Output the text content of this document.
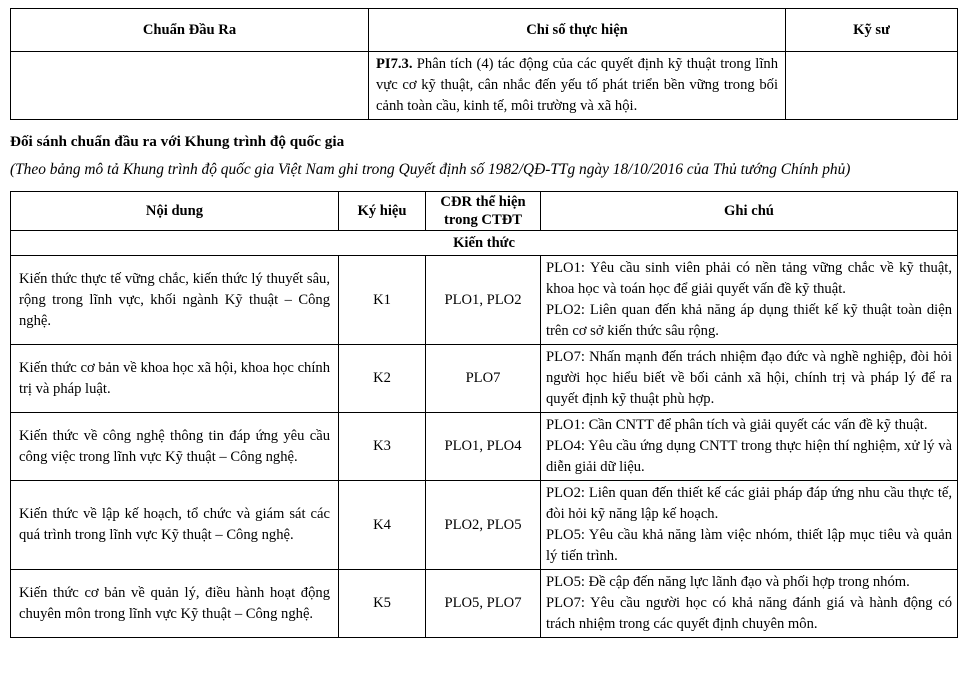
Chuẩn Đầu Ra	Chỉ số thực hiện	Kỹ sư
	PI7.3. Phân tích (4) tác động của các quyết định kỹ thuật trong lĩnh vực cơ kỹ thuật, cân nhắc đến yếu tố phát triển bền vững trong bối cảnh toàn cầu, kinh tế, môi trường và xã hội.	

Đối sánh chuẩn đầu ra với Khung trình độ quốc gia

(Theo bảng mô tả Khung trình độ quốc gia Việt Nam ghi trong Quyết định số 1982/QĐ-TTg ngày 18/10/2016 của Thủ tướng Chính phủ)

Nội dung	Ký hiệu	CĐR thể hiện trong CTĐT	Ghi chú
Kiến thức			
Kiến thức thực tế vững chắc, kiến thức lý thuyết sâu, rộng trong lĩnh vực, khối ngành Kỹ thuật – Công nghệ.	K1	PLO1, PLO2	PLO1: Yêu cầu sinh viên phải có nền tảng vững chắc về kỹ thuật, khoa học và toán học để giải quyết vấn đề kỹ thuật.
PLO2: Liên quan đến khả năng áp dụng thiết kế kỹ thuật toàn diện trên cơ sở kiến thức sâu rộng.

Kiến thức cơ bản về khoa học xã hội, khoa học chính trị và pháp luật.	K2	PLO7	PLO7: Nhấn mạnh đến trách nhiệm đạo đức và nghề nghiệp, đòi hỏi người học hiểu biết về bối cảnh xã hội, chính trị và pháp lý để ra quyết định kỹ thuật phù hợp.

Kiến thức về công nghệ thông tin đáp ứng yêu cầu công việc trong lĩnh vực Kỹ thuật – Công nghệ.	K3	PLO1, PLO4	PLO1: Cần CNTT để phân tích và giải quyết các vấn đề kỹ thuật.
PLO4: Yêu cầu ứng dụng CNTT trong thực hiện thí nghiệm, xử lý và diễn giải dữ liệu.

Kiến thức về lập kế hoạch, tổ chức và giám sát các quá trình trong lĩnh vực Kỹ thuật – Công nghệ.	K4	PLO2, PLO5	PLO2: Liên quan đến thiết kế các giải pháp đáp ứng nhu cầu thực tế, đòi hỏi kỹ năng lập kế hoạch.
PLO5: Yêu cầu khả năng làm việc nhóm, thiết lập mục tiêu và quản lý tiến trình.

Kiến thức cơ bản về quản lý, điều hành hoạt động chuyên môn trong lĩnh vực Kỹ thuật – Công nghệ.	K5	PLO5, PLO7	PLO5: Đề cập đến năng lực lãnh đạo và phối hợp trong nhóm.
PLO7: Yêu cầu người học có khả năng đánh giá và hành động có trách nhiệm trong các quyết định chuyên môn.
